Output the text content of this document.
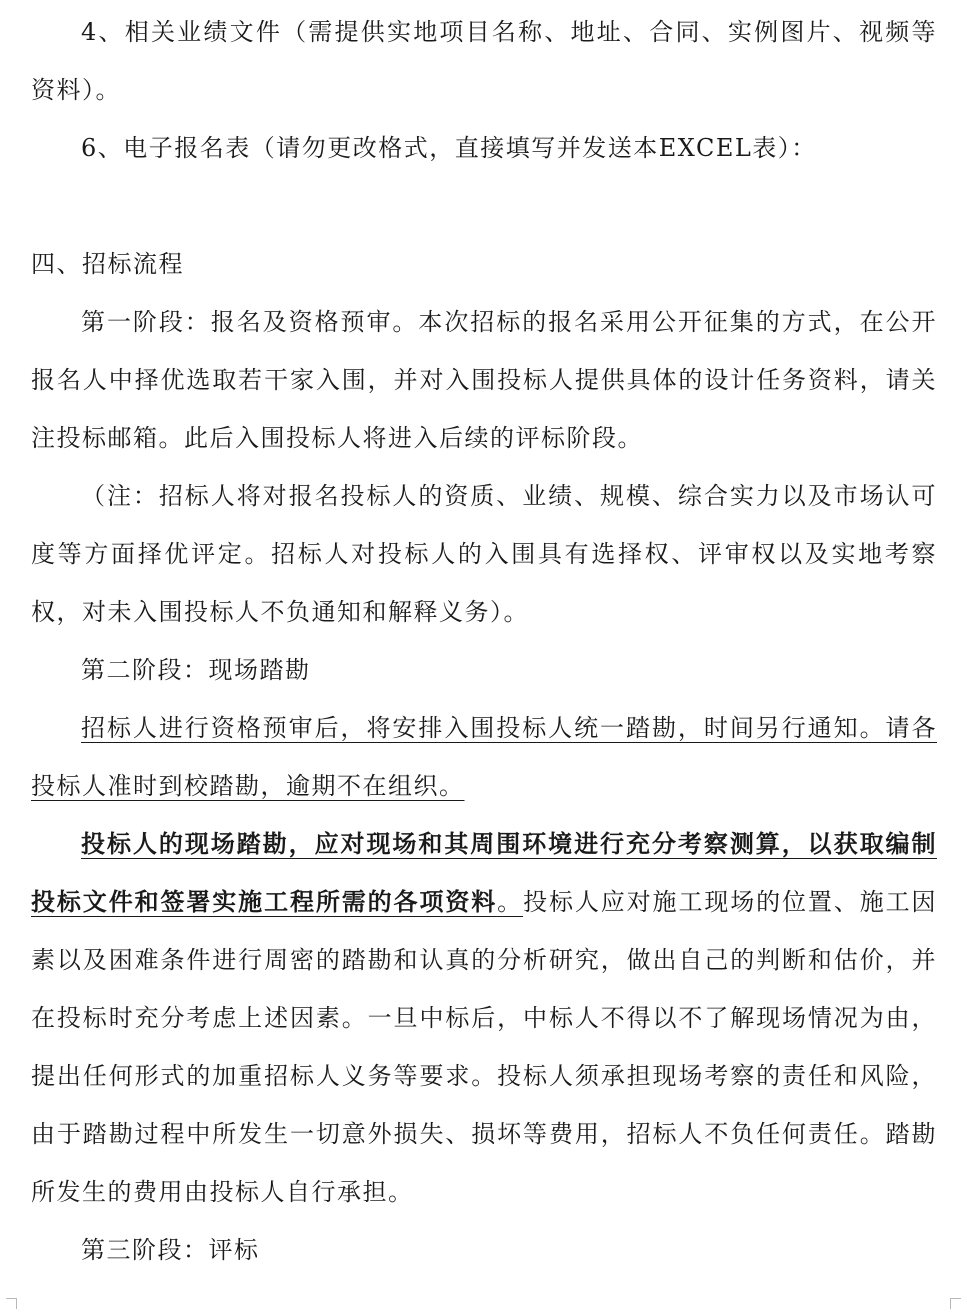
4、相关业绩文件（需提供实地项目名称、地址、合同、实例图片、视频等资料）。

6、电子报名表（请勿更改格式，直接填写并发送本EXCEL表）：

四、招标流程

第一阶段：报名及资格预审。本次招标的报名采用公开征集的方式，在公开报名人中择优选取若干家入围，并对入围投标人提供具体的设计任务资料，请关注投标邮箱。此后入围投标人将进入后续的评标阶段。

（注：招标人将对报名投标人的资质、业绩、规模、综合实力以及市场认可度等方面择优评定。招标人对投标人的入围具有选择权、评审权以及实地考察权，对未入围投标人不负通知和解释义务）。

第二阶段：现场踏勘

招标人进行资格预审后，将安排入围投标人统一踏勘，时间另行通知。请各投标人准时到校踏勘，逾期不在组织。

投标人的现场踏勘，应对现场和其周围环境进行充分考察测算，以获取编制投标文件和签署实施工程所需的各项资料。投标人应对施工现场的位置、施工因素以及困难条件进行周密的踏勘和认真的分析研究，做出自己的判断和估价，并在投标时充分考虑上述因素。一旦中标后，中标人不得以不了解现场情况为由，提出任何形式的加重招标人义务等要求。投标人须承担现场考察的责任和风险，由于踏勘过程中所发生一切意外损失、损坏等费用，招标人不负任何责任。踏勘所发生的费用由投标人自行承担。

第三阶段：评标
